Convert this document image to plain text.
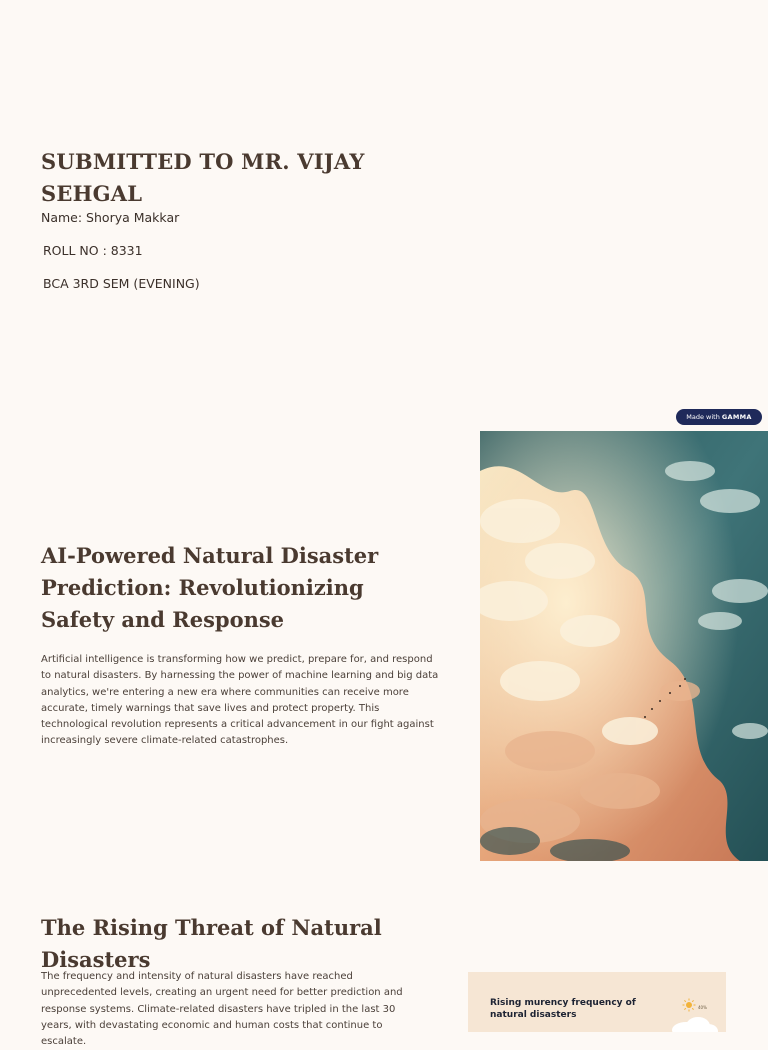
SUBMITTED TO MR. VIJAY SEHGAL

Name: Shorya Makkar

ROLL NO : 8331

BCA 3RD SEM (EVENING)

Made with GAMMA
AI-Powered Natural Disaster Prediction: Revolutionizing Safety and Response

Artificial intelligence is transforming how we predict, prepare for, and respond to natural disasters. By harnessing the power of machine learning and big data analytics, we're entering a new era where communities can receive more accurate, timely warnings that save lives and protect property. This technological revolution represents a critical advancement in our fight against increasingly severe climate-related catastrophes.

The Rising Threat of Natural Disasters

The frequency and intensity of natural disasters have reached unprecedented levels, creating an urgent need for better prediction and response systems. Climate-related disasters have tripled in the last 30 years, with devastating economic and human costs that continue to escalate.

Rising murency frequency of natural disasters

40%
